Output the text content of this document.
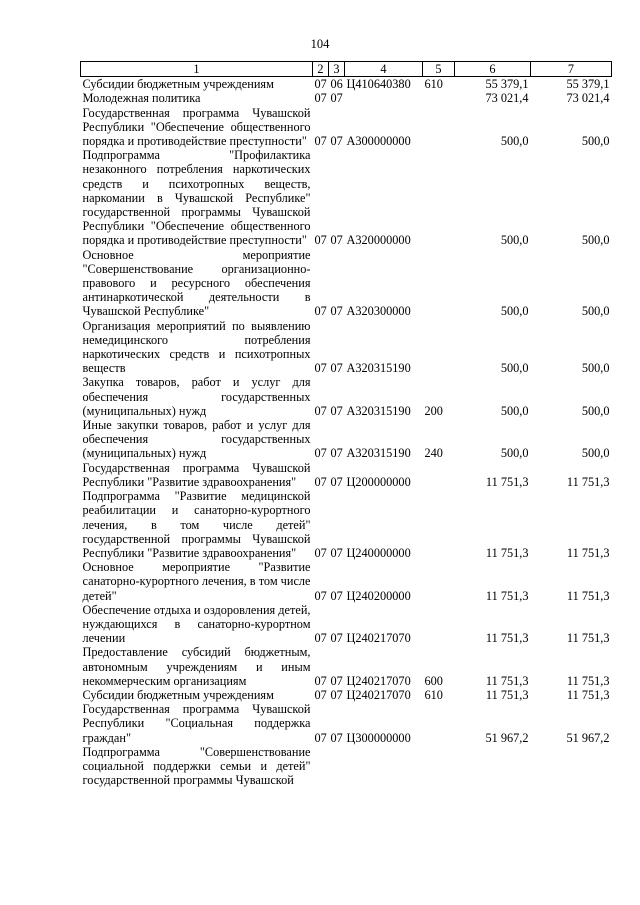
104
1	2	3	4	5	6	7
Субсидии бюджетным учреждениям	07	06	Ц410640380	610	55 379,1	55 379,1
Молодежная политика	07	07			73 021,4	73 021,4
Государственная программа Чувашской Республики "Обеспечение общественного порядка и противодействие преступности"	07	07	А300000000		500,0	500,0
Подпрограмма "Профилактика незаконного потребления наркотических средств и психотропных веществ, наркомании в Чувашской Республике" государственной программы Чувашской Республики "Обеспечение общественного порядка и противодействие преступности"	07	07	А320000000		500,0	500,0
Основное мероприятие "Совершенствование организационно-правового и ресурсного обеспечения антинаркотической деятельности в Чувашской Республике"	07	07	А320300000		500,0	500,0
Организация мероприятий по выявлению немедицинского потребления наркотических средств и психотропных веществ	07	07	А320315190		500,0	500,0
Закупка товаров, работ и услуг для обеспечения государственных (муниципальных) нужд	07	07	А320315190	200	500,0	500,0
Иные закупки товаров, работ и услуг для обеспечения государственных (муниципальных) нужд	07	07	А320315190	240	500,0	500,0
Государственная программа Чувашской Республики "Развитие здравоохранения"	07	07	Ц200000000		11 751,3	11 751,3
Подпрограмма "Развитие медицинской реабилитации и санаторно-курортного лечения, в том числе детей" государственной программы Чувашской Республики "Развитие здравоохранения"	07	07	Ц240000000		11 751,3	11 751,3
Основное мероприятие "Развитие санаторно-курортного лечения, в том числе детей"	07	07	Ц240200000		11 751,3	11 751,3
Обеспечение отдыха и оздоровления детей, нуждающихся в санаторно-курортном лечении	07	07	Ц240217070		11 751,3	11 751,3
Предоставление субсидий бюджетным, автономным учреждениям и иным некоммерческим организациям	07	07	Ц240217070	600	11 751,3	11 751,3
Субсидии бюджетным учреждениям	07	07	Ц240217070	610	11 751,3	11 751,3
Государственная программа Чувашской Республики "Социальная поддержка граждан"	07	07	Ц300000000		51 967,2	51 967,2
Подпрограмма "Совершенствование социальной поддержки семьи и детей" государственной программы Чувашской						
